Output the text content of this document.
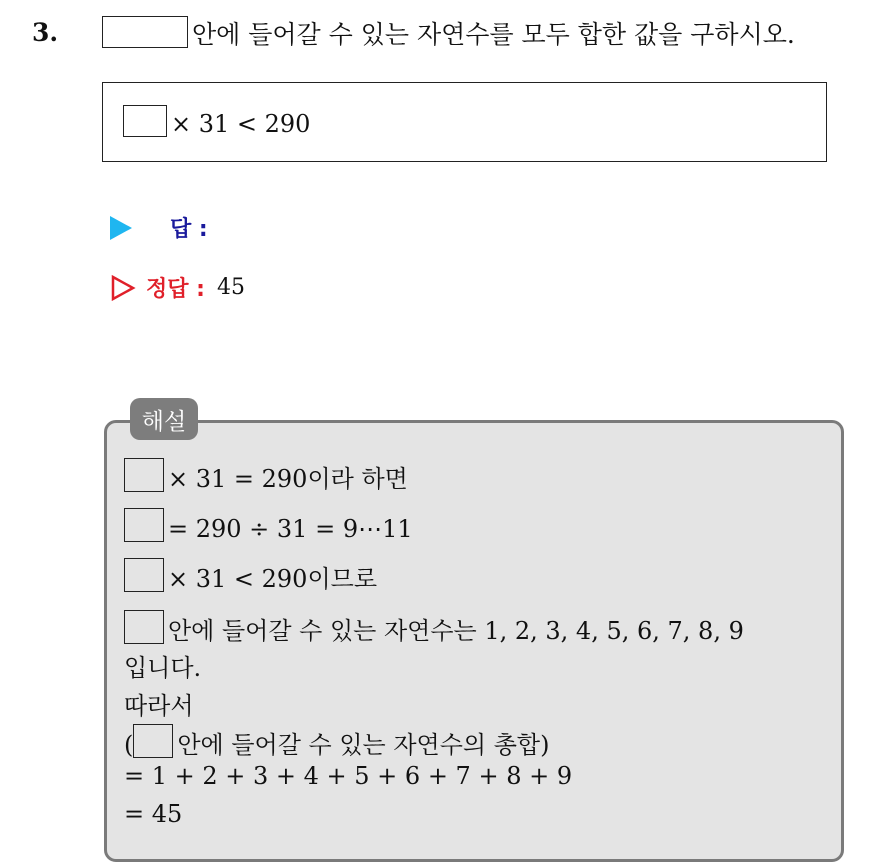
3.	안에 들어갈 수 있는 자연수를 모두 합한 값을 구하시오.
× 31 < 290
답 :
정답 : 45
해설
× 31 = 290이라 하면
= 290 ÷ 31 = 9⋯11
× 31 < 290이므로
안에 들어갈 수 있는 자연수는 1, 2, 3, 4, 5, 6, 7, 8, 9
입니다.
따라서
( 안에 들어갈 수 있는 자연수의 총합)
= 1 + 2 + 3 + 4 + 5 + 6 + 7 + 8 + 9
= 45
